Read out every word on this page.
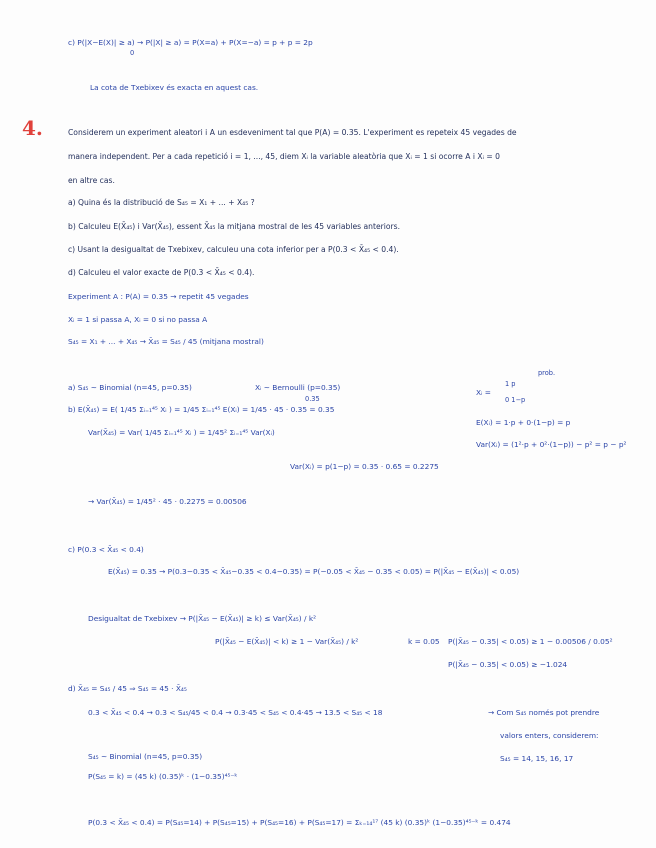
c) P(|X−E(X)| ≥ a) → P(|X| ≥ a) = P(X=a) + P(X=−a) = p + p = 2p
0
La cota de Txebixev és exacta en aquest cas.
4.	Considerem un experiment aleatori i A un esdeveniment tal que P(A) = 0.35. L'experiment es repeteix 45 vegades de
manera independent. Per a cada repetició i = 1, ..., 45, diem Xᵢ la variable aleatòria que Xᵢ = 1 si ocorre A i Xᵢ = 0
en altre cas.
a) Quina és la distribució de S₄₅ = X₁ + ... + X₄₅ ?
b) Calculeu E(X̄₄₅) i Var(X̄₄₅), essent X̄₄₅ la mitjana mostral de les 45 variables anteriors.
c) Usant la desigualtat de Txebixev, calculeu una cota inferior per a P(0.3 < X̄₄₅ < 0.4).
d) Calculeu el valor exacte de P(0.3 < X̄₄₅ < 0.4).
Experiment A : P(A) = 0.35 → repetit 45 vegades
Xᵢ = 1 si passa A, Xᵢ = 0 si no passa A
S₄₅ = X₁ + ... + X₄₅ → X̄₄₅ = S₄₅ / 45 (mitjana mostral)
a) S₄₅ ~ Binomial (n=45, p=0.35)	Xᵢ ~ Bernoulli (p=0.35)
0.35
b) E(X̄₄₅) = E( 1/45 Σᵢ₌₁⁴⁵ Xᵢ ) = 1/45 Σᵢ₌₁⁴⁵ E(Xᵢ) = 1/45 · 45 · 0.35 = 0.35
Var(X̄₄₅) = Var( 1/45 Σᵢ₌₁⁴⁵ Xᵢ ) = 1/45² Σᵢ₌₁⁴⁵ Var(Xᵢ)
Var(Xᵢ) = p(1−p) = 0.35 · 0.65 = 0.2275
→ Var(X̄₄₅) = 1/45² · 45 · 0.2275 = 0.00506
prob.
Xᵢ =
1 p
0 1−p
E(Xᵢ) = 1·p + 0·(1−p) = p
Var(Xᵢ) = (1²·p + 0²·(1−p)) − p² = p − p²
c) P(0.3 < X̄₄₅ < 0.4)
E(X̄₄₅) = 0.35 → P(0.3−0.35 < X̄₄₅−0.35 < 0.4−0.35) = P(−0.05 < X̄₄₅ − 0.35 < 0.05) = P(|X̄₄₅ − E(X̄₄₅)| < 0.05)
Desigualtat de Txebixev → P(|X̄₄₅ − E(X̄₄₅)| ≥ k) ≤ Var(X̄₄₅) / k²
P(|X̄₄₅ − E(X̄₄₅)| < k) ≥ 1 − Var(X̄₄₅) / k²	k = 0.05 P(|X̄₄₅ − 0.35| < 0.05) ≥ 1 − 0.00506 / 0.05²
P(|X̄₄₅ − 0.35| < 0.05) ≥ −1.024
d) X̄₄₅ = S₄₅ / 45 ⇒ S₄₅ = 45 · X̄₄₅
0.3 < X̄₄₅ < 0.4 → 0.3 < S₄₅/45 < 0.4 → 0.3·45 < S₄₅ < 0.4·45 → 13.5 < S₄₅ < 18	→ Com S₄₅ només pot prendre
valors enters, considerem:
S₄₅ = 14, 15, 16, 17
S₄₅ ~ Binomial (n=45, p=0.35)
P(S₄₅ = k) = (45 k) (0.35)ᵏ · (1−0.35)⁴⁵⁻ᵏ
P(0.3 < X̄₄₅ < 0.4) = P(S₄₅=14) + P(S₄₅=15) + P(S₄₅=16) + P(S₄₅=17) = Σₖ₌₁₄¹⁷ (45 k) (0.35)ᵏ (1−0.35)⁴⁵⁻ᵏ = 0.474
